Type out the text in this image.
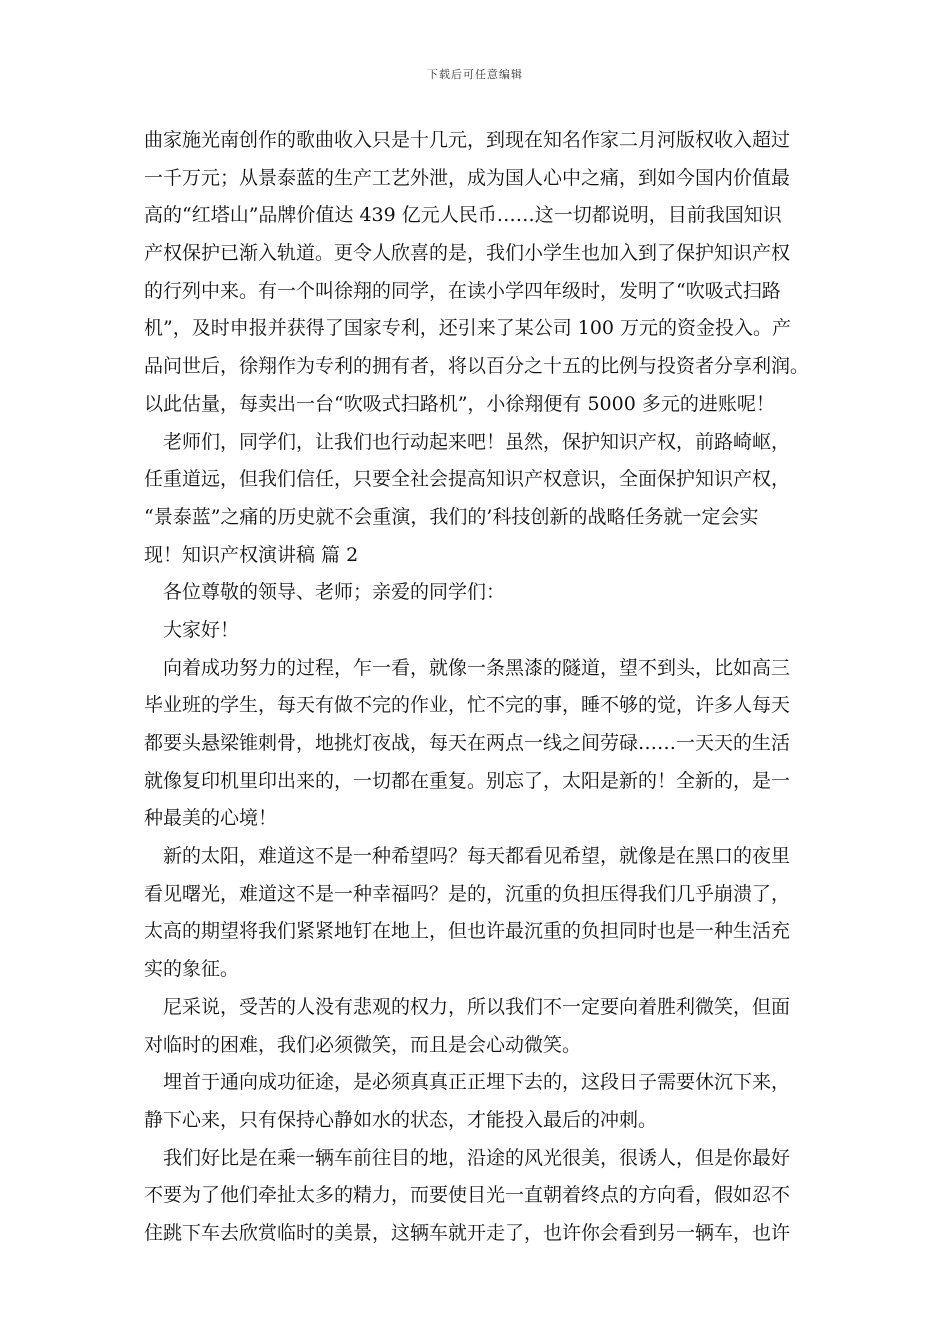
下载后可任意编辑
曲家施光南创作的歌曲收入只是十几元，到现在知名作家二月河版权收入超过
一千万元；从景泰蓝的生产工艺外泄，成为国人心中之痛，到如今国内价值最
高的“红塔山”品牌价值达 439 亿元人民币……这一切都说明，目前我国知识
产权保护已渐入轨道。更令人欣喜的是，我们小学生也加入到了保护知识产权
的行列中来。有一个叫徐翔的同学，在读小学四年级时，发明了“吹吸式扫路
机”，及时申报并获得了国家专利，还引来了某公司 100 万元的资金投入。产
品问世后，徐翔作为专利的拥有者，将以百分之十五的比例与投资者分享利润。
以此估量，每卖出一台“吹吸式扫路机”，小徐翔便有 5000 多元的进账呢！
　老师们，同学们，让我们也行动起来吧！虽然，保护知识产权，前路崎岖，
任重道远，但我们信任，只要全社会提高知识产权意识，全面保护知识产权，
“景泰蓝”之痛的历史就不会重演，我们的’科技创新的战略任务就一定会实
现！知识产权演讲稿 篇 2
　各位尊敬的领导、老师；亲爱的同学们：
　大家好！
　向着成功努力的过程，乍一看，就像一条黑漆的隧道，望不到头，比如高三
毕业班的学生，每天有做不完的作业，忙不完的事，睡不够的觉，许多人每天
都要头悬梁锥刺骨，地挑灯夜战，每天在两点一线之间劳碌……一天天的生活
就像复印机里印出来的，一切都在重复。别忘了，太阳是新的！全新的，是一
种最美的心境！
　新的太阳，难道这不是一种希望吗？每天都看见希望，就像是在黑口的夜里
看见曙光，难道这不是一种幸福吗？是的，沉重的负担压得我们几乎崩溃了，
太高的期望将我们紧紧地钉在地上，但也许最沉重的负担同时也是一种生活充
实的象征。
　尼采说，受苦的人没有悲观的权力，所以我们不一定要向着胜利微笑，但面
对临时的困难，我们必须微笑，而且是会心动微笑。
　埋首于通向成功征途，是必须真真正正埋下去的，这段日子需要休沉下来，
静下心来，只有保持心静如水的状态，才能投入最后的冲刺。
　我们好比是在乘一辆车前往目的地，沿途的风光很美，很诱人，但是你最好
不要为了他们牵扯太多的精力，而要使目光一直朝着终点的方向看，假如忍不
住跳下车去欣赏临时的美景，这辆车就开走了，也许你会看到另一辆车，也许
